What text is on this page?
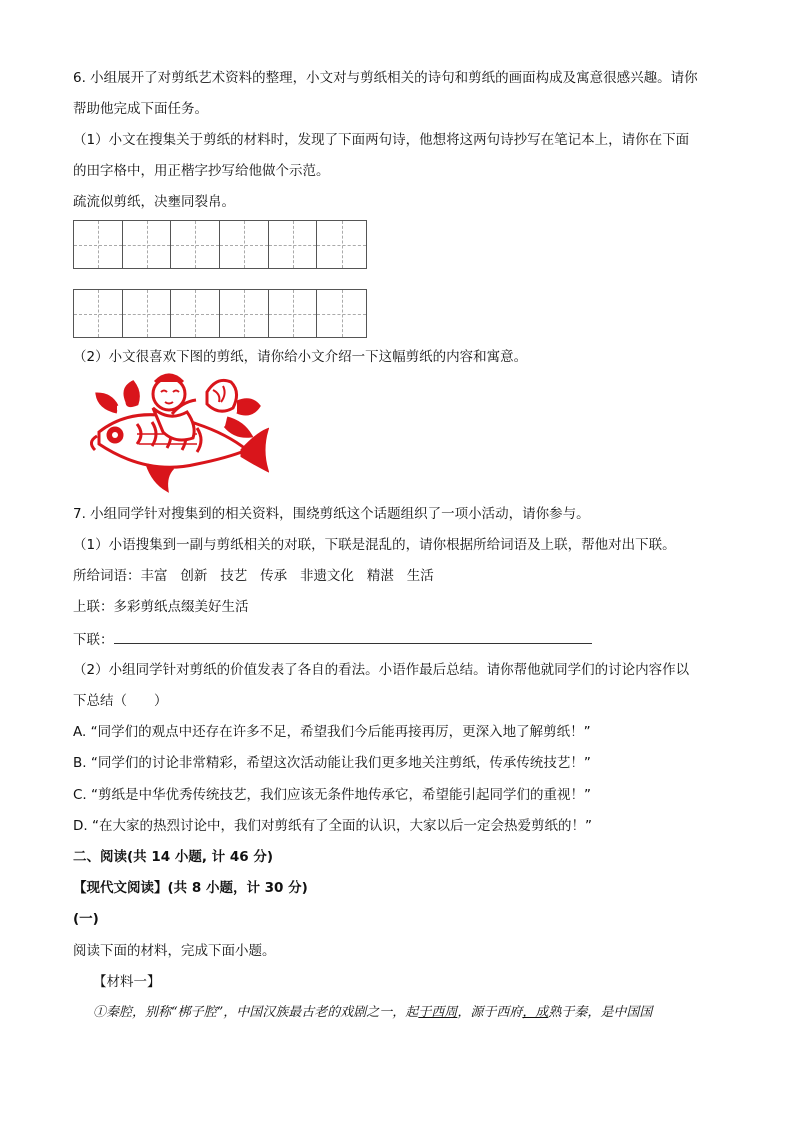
6. 小组展开了对剪纸艺术资料的整理，小文对与剪纸相关的诗句和剪纸的画面构成及寓意很感兴趣。请你
帮助他完成下面任务。
（1）小文在搜集关于剪纸的材料时，发现了下面两句诗，他想将这两句诗抄写在笔记本上，请你在下面
的田字格中，用正楷字抄写给他做个示范。
疏流似剪纸，决壅同裂帛。
（2）小文很喜欢下图的剪纸，请你给小文介绍一下这幅剪纸的内容和寓意。
7. 小组同学针对搜集到的相关资料，围绕剪纸这个话题组织了一项小活动，请你参与。
（1）小语搜集到一副与剪纸相关的对联，下联是混乱的，请你根据所给词语及上联，帮他对出下联。
所给词语：丰富 创新 技艺 传承 非遗文化 精湛 生活
上联：多彩剪纸点缀美好生活
下联：
（2）小组同学针对剪纸的价值发表了各自的看法。小语作最后总结。请你帮他就同学们的讨论内容作以
下总结（　　）
A. “同学们的观点中还存在许多不足，希望我们今后能再接再厉，更深入地了解剪纸！”
B. “同学们的讨论非常精彩，希望这次活动能让我们更多地关注剪纸，传承传统技艺！”
C. “剪纸是中华优秀传统技艺，我们应该无条件地传承它，希望能引起同学们的重视！”
D. “在大家的热烈讨论中，我们对剪纸有了全面的认识，大家以后一定会热爱剪纸的！”
二、阅读(共 14 小题, 计 46 分)
【现代文阅读】(共 8 小题，计 30 分)
(一)
阅读下面的材料，完成下面小题。
【材料一】
①秦腔，别称“梆子腔”，中国汉族最古老的戏剧之一，起于西周，源于西府，成熟于秦，是中国国
